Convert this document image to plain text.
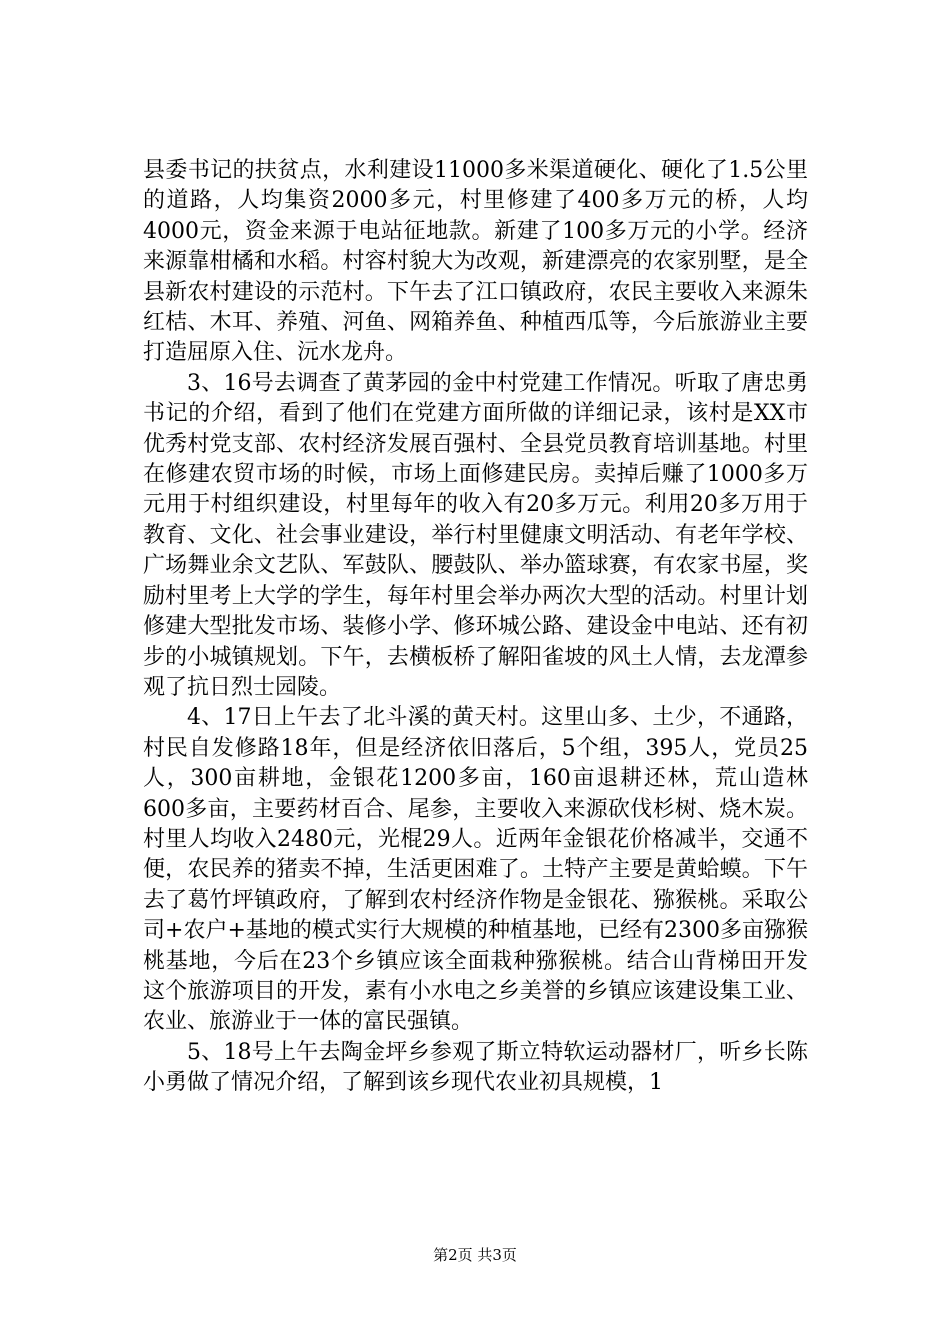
县委书记的扶贫点，水利建设11000多米渠道硬化、硬化了1.5公里的道路，人均集资2000多元，村里修建了400多万元的桥，人均4000元，资金来源于电站征地款。新建了100多万元的小学。经济来源靠柑橘和水稻。村容村貌大为改观，新建漂亮的农家别墅，是全县新农村建设的示范村。下午去了江口镇政府，农民主要收入来源朱红桔、木耳、养殖、河鱼、网箱养鱼、种植西瓜等，今后旅游业主要打造屈原入住、沅水龙舟。

3、16号去调查了黄茅园的金中村党建工作情况。听取了唐忠勇书记的介绍，看到了他们在党建方面所做的详细记录，该村是XX市优秀村党支部、农村经济发展百强村、全县党员教育培训基地。村里在修建农贸市场的时候，市场上面修建民房。卖掉后赚了1000多万元用于村组织建设，村里每年的收入有20多万元。利用20多万用于教育、文化、社会事业建设，举行村里健康文明活动、有老年学校、广场舞业余文艺队、军鼓队、腰鼓队、举办篮球赛，有农家书屋，奖励村里考上大学的学生，每年村里会举办两次大型的活动。村里计划修建大型批发市场、装修小学、修环城公路、建设金中电站、还有初步的小城镇规划。下午，去横板桥了解阳雀坡的风土人情，去龙潭参观了抗日烈士园陵。

4、17日上午去了北斗溪的黄天村。这里山多、土少，不通路，村民自发修路18年，但是经济依旧落后，5个组，395人，党员25人，300亩耕地，金银花1200多亩，160亩退耕还林，荒山造林600多亩，主要药材百合、尾参，主要收入来源砍伐杉树、烧木炭。村里人均收入2480元，光棍29人。近两年金银花价格减半，交通不便，农民养的猪卖不掉，生活更困难了。土特产主要是黄蛤蟆。下午去了葛竹坪镇政府，了解到农村经济作物是金银花、猕猴桃。采取公司+农户+基地的模式实行大规模的种植基地，已经有2300多亩猕猴桃基地，今后在23个乡镇应该全面栽种猕猴桃。结合山背梯田开发这个旅游项目的开发，素有小水电之乡美誉的乡镇应该建设集工业、农业、旅游业于一体的富民强镇。

5、18号上午去陶金坪乡参观了斯立特软运动器材厂，听乡长陈小勇做了情况介绍，了解到该乡现代农业初具规模，1

第2页 共3页
